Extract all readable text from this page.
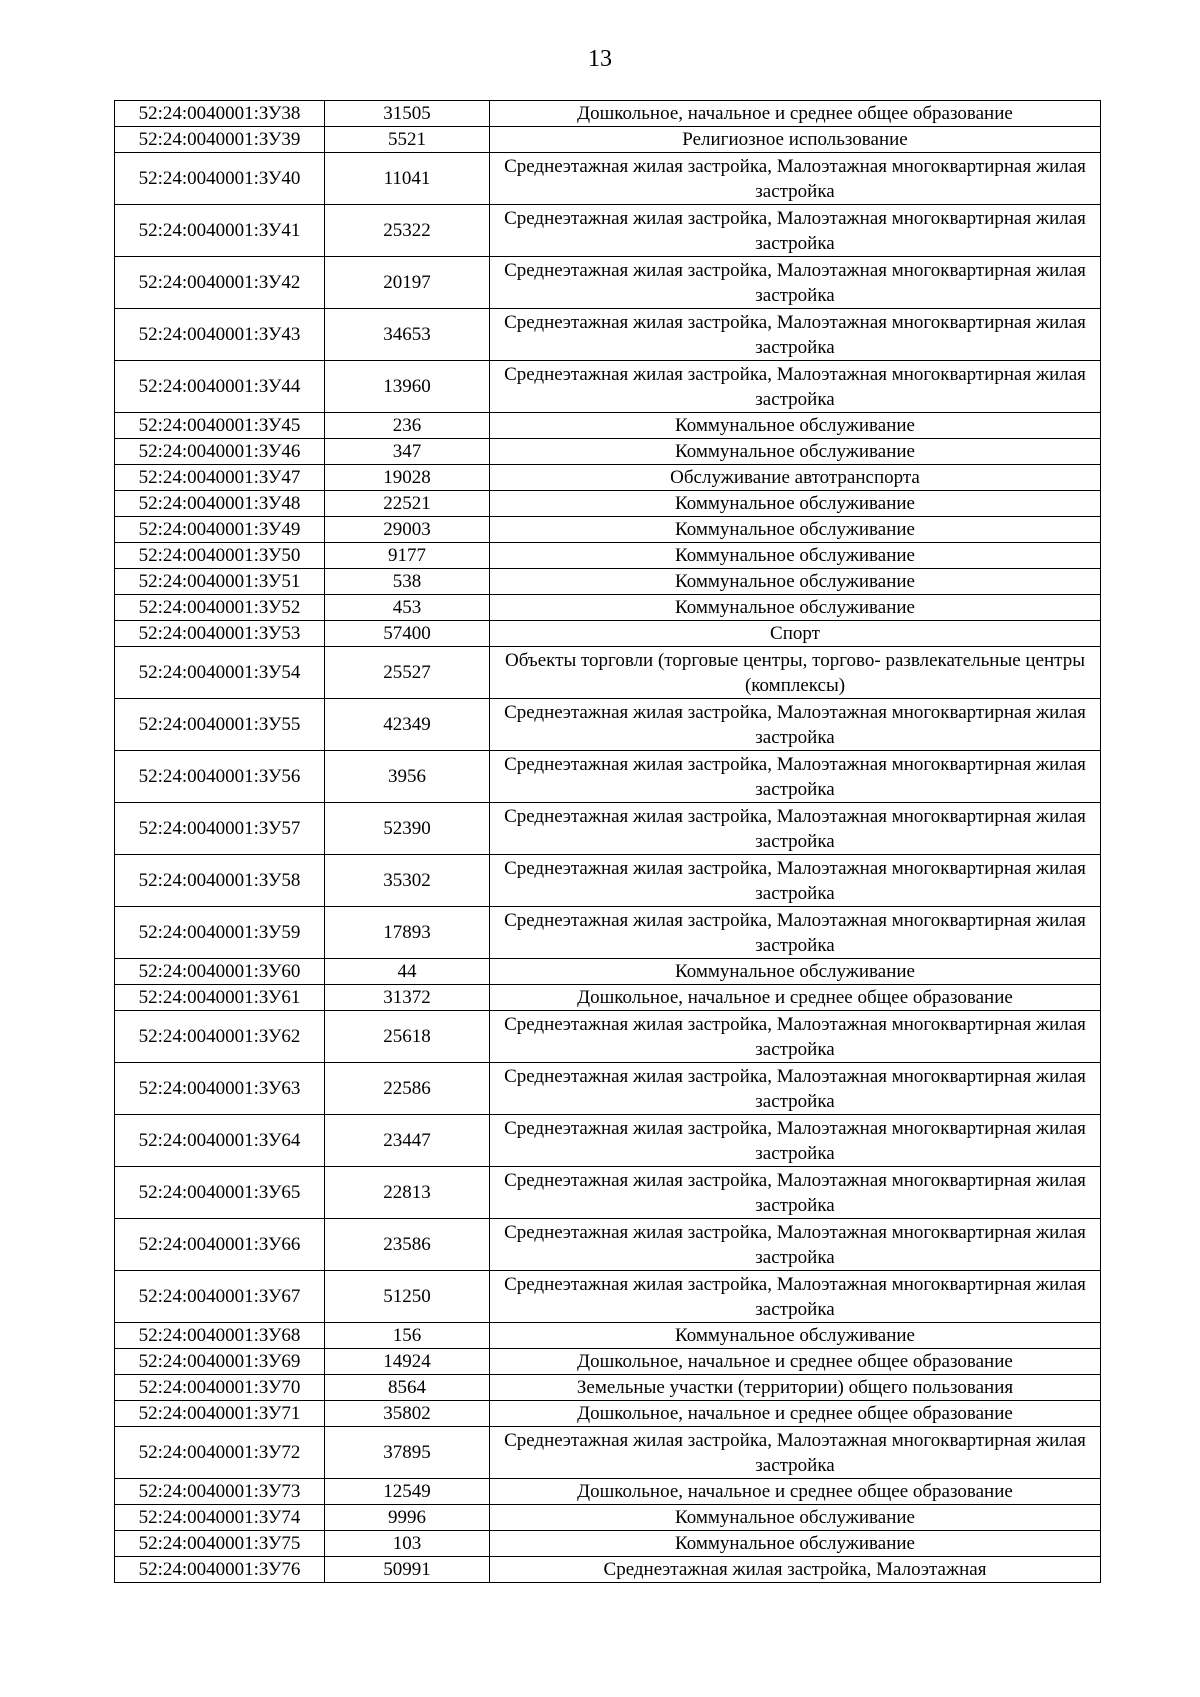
13
52:24:0040001:ЗУ38	31505	Дошкольное, начальное и среднее общее образование
52:24:0040001:ЗУ39	5521	Религиозное использование
52:24:0040001:ЗУ40	11041	Среднеэтажная жилая застройка, Малоэтажная многоквартирная жилая застройка
52:24:0040001:ЗУ41	25322	Среднеэтажная жилая застройка, Малоэтажная многоквартирная жилая застройка
52:24:0040001:ЗУ42	20197	Среднеэтажная жилая застройка, Малоэтажная многоквартирная жилая застройка
52:24:0040001:ЗУ43	34653	Среднеэтажная жилая застройка, Малоэтажная многоквартирная жилая застройка
52:24:0040001:ЗУ44	13960	Среднеэтажная жилая застройка, Малоэтажная многоквартирная жилая застройка
52:24:0040001:ЗУ45	236	Коммунальное обслуживание
52:24:0040001:ЗУ46	347	Коммунальное обслуживание
52:24:0040001:ЗУ47	19028	Обслуживание автотранспорта
52:24:0040001:ЗУ48	22521	Коммунальное обслуживание
52:24:0040001:ЗУ49	29003	Коммунальное обслуживание
52:24:0040001:ЗУ50	9177	Коммунальное обслуживание
52:24:0040001:ЗУ51	538	Коммунальное обслуживание
52:24:0040001:ЗУ52	453	Коммунальное обслуживание
52:24:0040001:ЗУ53	57400	Спорт
52:24:0040001:ЗУ54	25527	Объекты торговли (торговые центры, торгово- развлекательные центры (комплексы)
52:24:0040001:ЗУ55	42349	Среднеэтажная жилая застройка, Малоэтажная многоквартирная жилая застройка
52:24:0040001:ЗУ56	3956	Среднеэтажная жилая застройка, Малоэтажная многоквартирная жилая застройка
52:24:0040001:ЗУ57	52390	Среднеэтажная жилая застройка, Малоэтажная многоквартирная жилая застройка
52:24:0040001:ЗУ58	35302	Среднеэтажная жилая застройка, Малоэтажная многоквартирная жилая застройка
52:24:0040001:ЗУ59	17893	Среднеэтажная жилая застройка, Малоэтажная многоквартирная жилая застройка
52:24:0040001:ЗУ60	44	Коммунальное обслуживание
52:24:0040001:ЗУ61	31372	Дошкольное, начальное и среднее общее образование
52:24:0040001:ЗУ62	25618	Среднеэтажная жилая застройка, Малоэтажная многоквартирная жилая застройка
52:24:0040001:ЗУ63	22586	Среднеэтажная жилая застройка, Малоэтажная многоквартирная жилая застройка
52:24:0040001:ЗУ64	23447	Среднеэтажная жилая застройка, Малоэтажная многоквартирная жилая застройка
52:24:0040001:ЗУ65	22813	Среднеэтажная жилая застройка, Малоэтажная многоквартирная жилая застройка
52:24:0040001:ЗУ66	23586	Среднеэтажная жилая застройка, Малоэтажная многоквартирная жилая застройка
52:24:0040001:ЗУ67	51250	Среднеэтажная жилая застройка, Малоэтажная многоквартирная жилая застройка
52:24:0040001:ЗУ68	156	Коммунальное обслуживание
52:24:0040001:ЗУ69	14924	Дошкольное, начальное и среднее общее образование
52:24:0040001:ЗУ70	8564	Земельные участки (территории) общего пользования
52:24:0040001:ЗУ71	35802	Дошкольное, начальное и среднее общее образование
52:24:0040001:ЗУ72	37895	Среднеэтажная жилая застройка, Малоэтажная многоквартирная жилая застройка
52:24:0040001:ЗУ73	12549	Дошкольное, начальное и среднее общее образование
52:24:0040001:ЗУ74	9996	Коммунальное обслуживание
52:24:0040001:ЗУ75	103	Коммунальное обслуживание
52:24:0040001:ЗУ76	50991	Среднеэтажная жилая застройка, Малоэтажная
